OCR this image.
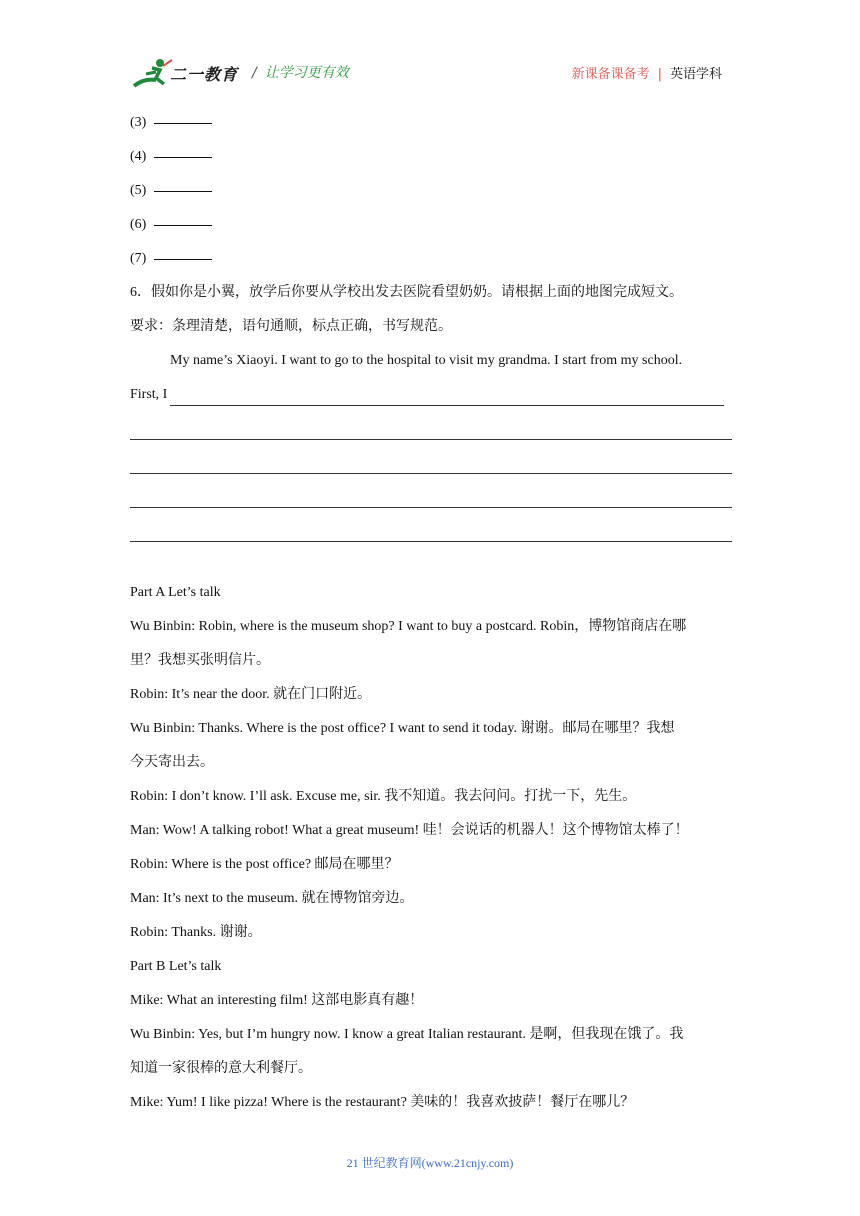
二一教育 / 让学习更有效	新课备课备考 | 英语学科
(3)
(4)
(5)
(6)
(7)
6．假如你是小翼，放学后你要从学校出发去医院看望奶奶。请根据上面的地图完成短文。
要求：条理清楚，语句通顺，标点正确，书写规范。
My name’s Xiaoyi. I want to go to the hospital to visit my grandma. I start from my school.
First, I
Part A Let’s talk
Wu Binbin: Robin, where is the museum shop? I want to buy a postcard. Robin，博物馆商店在哪
里？我想买张明信片。
Robin: It’s near the door. 就在门口附近。
Wu Binbin: Thanks. Where is the post office? I want to send it today. 谢谢。邮局在哪里？我想
今天寄出去。
Robin: I don’t know. I’ll ask. Excuse me, sir. 我不知道。我去问问。打扰一下，先生。
Man: Wow! A talking robot! What a great museum! 哇！会说话的机器人！这个博物馆太棒了！
Robin: Where is the post office? 邮局在哪里？
Man: It’s next to the museum. 就在博物馆旁边。
Robin: Thanks. 谢谢。
Part B Let’s talk
Mike: What an interesting film! 这部电影真有趣！
Wu Binbin: Yes, but I’m hungry now. I know a great Italian restaurant. 是啊，但我现在饿了。我
知道一家很棒的意大利餐厅。
Mike: Yum! I like pizza! Where is the restaurant? 美味的！我喜欢披萨！餐厅在哪儿？
21 世纪教育网(www.21cnjy.com)
